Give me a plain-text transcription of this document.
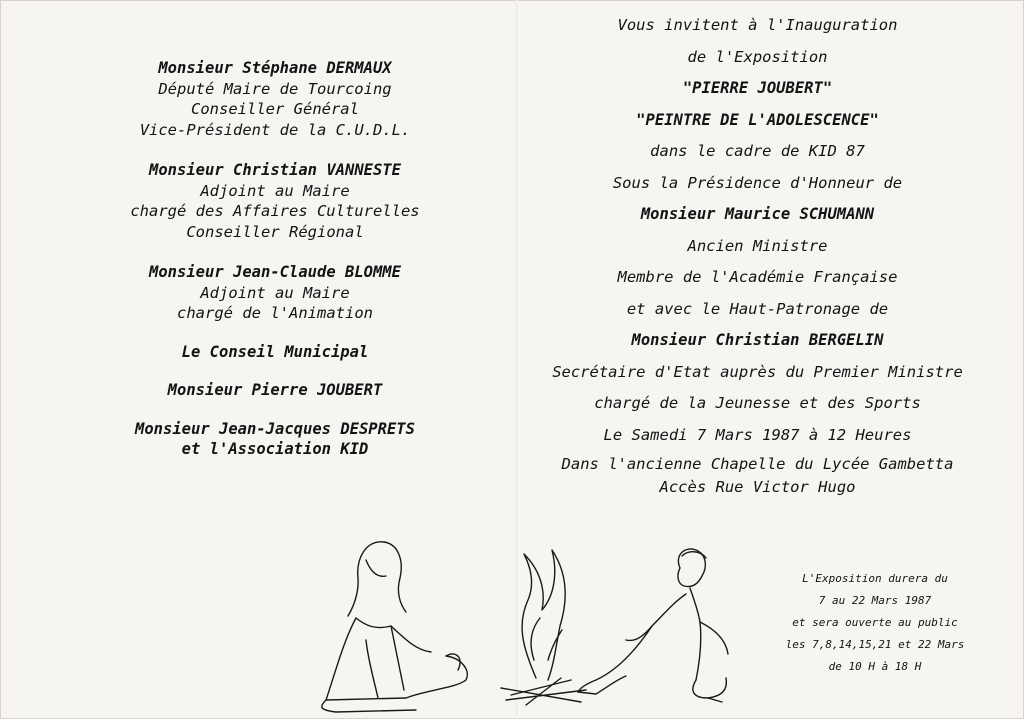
Monsieur Stéphane DERMAUX
Député Maire de Tourcoing
Conseiller Général
Vice-Président de la C.U.D.L.
Monsieur Christian VANNESTE
Adjoint au Maire
chargé des Affaires Culturelles
Conseiller Régional
Monsieur Jean-Claude BLOMME
Adjoint au Maire
chargé de l'Animation
Le Conseil Municipal
Monsieur Pierre JOUBERT
Monsieur Jean-Jacques DESPRETS
et l'Association KID
Vous invitent à l'Inauguration
de l'Exposition
"PIERRE JOUBERT"
"PEINTRE DE L'ADOLESCENCE"
dans le cadre de KID 87
Sous la Présidence d'Honneur de
Monsieur Maurice SCHUMANN
Ancien Ministre
Membre de l'Académie Française
et avec le Haut-Patronage de
Monsieur Christian BERGELIN
Secrétaire d'Etat auprès du Premier Ministre
chargé de la Jeunesse et des Sports
Le Samedi 7 Mars 1987 à 12 Heures
Dans l'ancienne Chapelle du Lycée Gambetta
Accès Rue Victor Hugo
L'Exposition durera du
7 au 22 Mars 1987
et sera ouverte au public
les 7,8,14,15,21 et 22 Mars
de 10 H à 18 H
